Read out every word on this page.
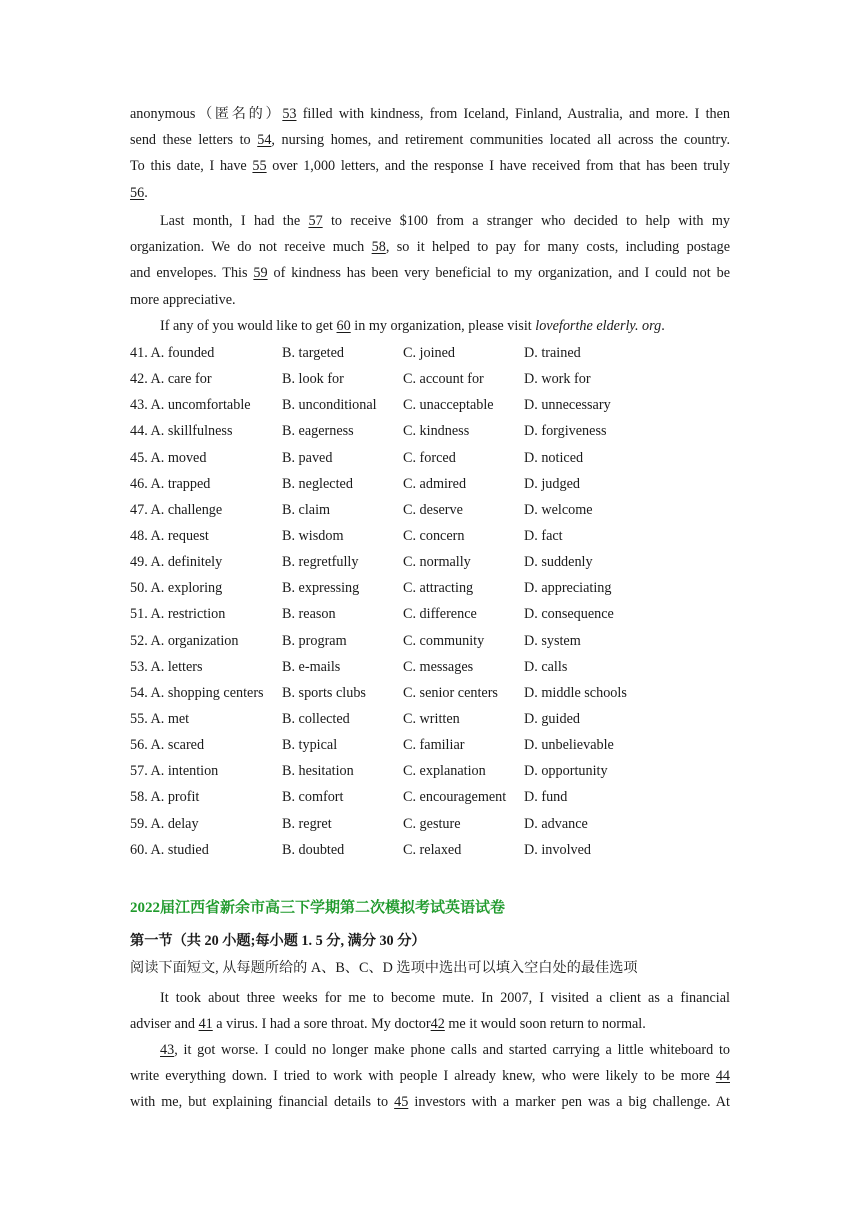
anonymous（匿名的）53 filled with kindness, from Iceland, Finland, Australia, and more. I then
send these letters to 54, nursing homes, and retirement communities located all across the country.
To this date, I have 55 over 1,000 letters, and the response I have received from that has been truly
56.
Last month, I had the 57 to receive $100 from a stranger who decided to help with my
organization. We do not receive much 58, so it helped to pay for many costs, including postage
and envelopes. This 59 of kindness has been very beneficial to my organization, and I could not be
more appreciative.
If any of you would like to get 60 in my organization, please visit loveforthe elderly. org.
41. A. founded	B. targeted	C. joined	D. trained
42. A. care for	B. look for	C. account for	D. work for
43. A. uncomfortable B. unconditional C. unacceptable D. unnecessary
44. A. skillfulness	B. eagerness	C. kindness	D. forgiveness
45. A. moved	B. paved	C. forced	D. noticed
46. A. trapped	B. neglected	C. admired	D. judged
47. A. challenge	B. claim	C. deserve	D. welcome
48. A. request	B. wisdom	C. concern	D. fact
49. A. definitely	B. regretfully	C. normally	D. suddenly
50. A. exploring	B. expressing	C. attracting	D. appreciating
51. A. restriction	B. reason	C. difference	D. consequence
52. A. organization	B. program	C. community	D. system
53. A. letters	B. e-mails	C. messages	D. calls
54. A. shopping centers B. sports clubs	C. senior centers D. middle schools
55. A. met	B. collected	C. written	D. guided
56. A. scared	B. typical	C. familiar	D. unbelievable
57. A. intention	B. hesitation	C. explanation	D. opportunity
58. A. profit	B. comfort	C. encouragement D. fund
59. A. delay	B. regret	C. gesture	D. advance
60. A. studied	B. doubted	C. relaxed	D. involved
2022届江西省新余市高三下学期第二次模拟考试英语试卷
第一节（共 20 小题;每小题 1. 5 分, 满分 30 分）
阅读下面短文, 从每题所给的 A、B、C、D 选项中选出可以填入空白处的最佳选项
It took about three weeks for me to become mute. In 2007, I visited a client as a financial
adviser and 41 a virus. I had a sore throat. My doctor42 me it would soon return to normal.
43, it got worse. I could no longer make phone calls and started carrying a little whiteboard to
write everything down. I tried to work with people I already knew, who were likely to be more 44
with me, but explaining financial details to 45 investors with a marker pen was a big challenge. At
